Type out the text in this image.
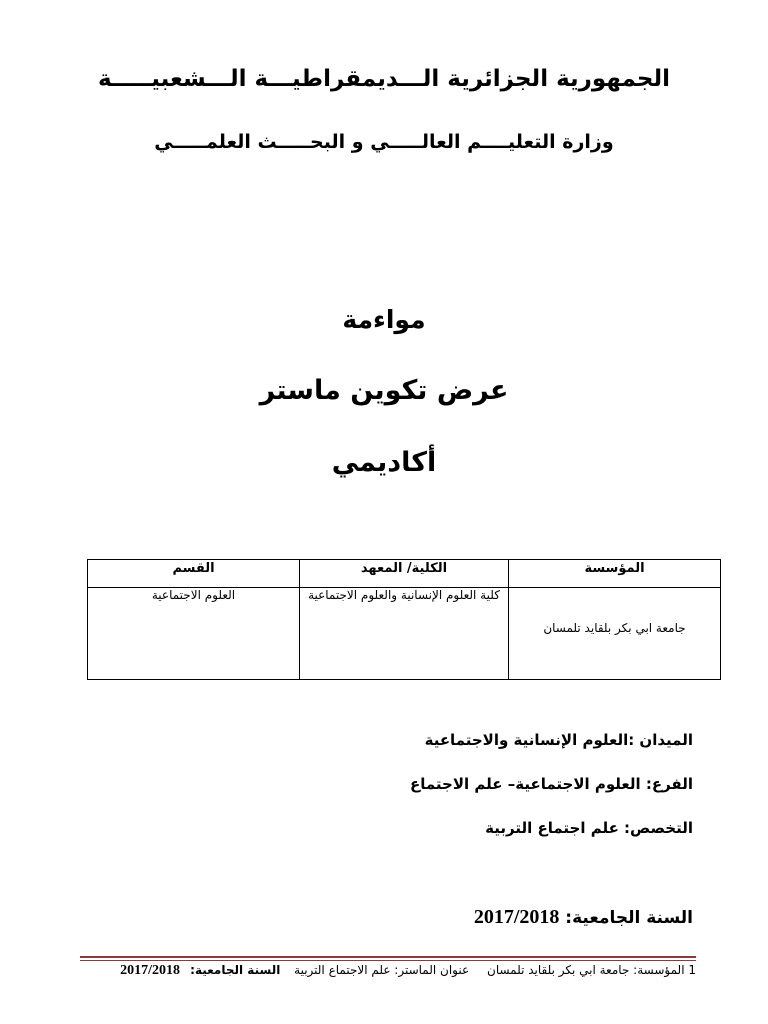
الجمهورية الجزائرية الـــديمقراطيـــة الـــشعبيـــــة
وزارة التعليــــم العالـــــي و البحـــــث العلمـــــي
مواءمة
عرض تكوين ماستر
أكاديمي
المؤسسة	الكلية/ المعهد	القسم
جامعة ابي بكر بلقايد تلمسان	كلية العلوم الإنسانية والعلوم الاجتماعية	العلوم الاجتماعية
الميدان :العلوم الإنسانية والاجتماعية
الفرع: العلوم الاجتماعية– علم الاجتماع
التخصص: علم اجتماع التربية
السنة الجامعية: 2017/2018
1 المؤسسة: جامعة ابي بكر بلقايد تلمسان عنوان الماستر: علم الاجتماع التربية السنة الجامعية: 2017/2018
